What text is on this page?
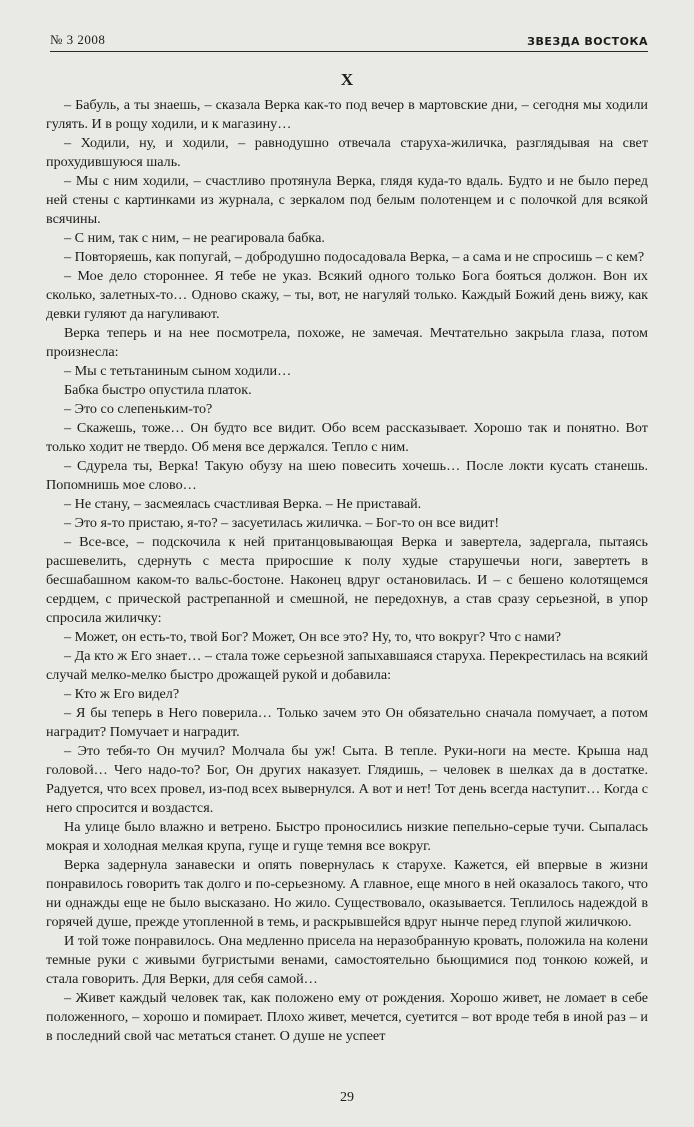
№ 3 2008	ЗВЕЗДА ВОСТОКА
X

– Бабуль, а ты знаешь, – сказала Верка как-то под вечер в мартовские дни, – сегодня мы ходили гулять. И в рощу ходили, и к магазину…

– Ходили, ну, и ходили, – равнодушно отвечала старуха-жиличка, разглядывая на свет прохудившуюся шаль.

– Мы с ним ходили, – счастливо протянула Верка, глядя куда-то вдаль. Будто и не было перед ней стены с картинками из журнала, с зеркалом под белым полотенцем и с полочкой для всякой всячины.

– С ним, так с ним, – не реагировала бабка.

– Повторяешь, как попугай, – добродушно подосадовала Верка, – а сама и не спросишь – с кем?

– Мое дело стороннее. Я тебе не указ. Всякий одного только Бога бояться должон. Вон их сколько, залетных-то… Одново скажу, – ты, вот, не нагуляй только. Каждый Божий день вижу, как девки гуляют да нагуливают.

Верка теперь и на нее посмотрела, похоже, не замечая. Мечтательно закрыла глаза, потом произнесла:

– Мы с тетьтаниным сыном ходили…

Бабка быстро опустила платок.

– Это со слепеньким-то?

– Скажешь, тоже… Он будто все видит. Обо всем рассказывает. Хорошо так и понятно. Вот только ходит не твердо. Об меня все держался. Тепло с ним.

– Сдурела ты, Верка! Такую обузу на шею повесить хочешь… После локти кусать станешь. Попомнишь мое слово…

– Не стану, – засмеялась счастливая Верка. – Не приставай.

– Это я-то пристаю, я-то? – засуетилась жиличка. – Бог-то он все видит!

– Все-все, – подскочила к ней пританцовывающая Верка и завертела, задергала, пытаясь расшевелить, сдернуть с места приросшие к полу худые старушечьи ноги, завертеть в бесшабашном каком-то вальс-бостоне. Наконец вдруг остановилась. И – с бешено колотящемся сердцем, с прической растрепанной и смешной, не передохнув, а став сразу серьезной, в упор спросила жиличку:

– Может, он есть-то, твой Бог? Может, Он все это? Ну, то, что вокруг? Что с нами?

– Да кто ж Его знает… – стала тоже серьезной запыхавшаяся старуха. Перекрестилась на всякий случай мелко-мелко быстро дрожащей рукой и добавила:

– Кто ж Его видел?

– Я бы теперь в Него поверила… Только зачем это Он обязательно сначала помучает, а потом наградит? Помучает и наградит.

– Это тебя-то Он мучил? Молчала бы уж! Сыта. В тепле. Руки-ноги на месте. Крыша над головой… Чего надо-то? Бог, Он других наказует. Глядишь, – человек в шелках да в достатке. Радуется, что всех провел, из-под всех вывернулся. А вот и нет! Тот день всегда наступит… Когда с него спросится и воздастся.

На улице было влажно и ветрено. Быстро проносились низкие пепельно-серые тучи. Сыпалась мокрая и холодная мелкая крупа, гуще и гуще темня все вокруг.

Верка задернула занавески и опять повернулась к старухе. Кажется, ей впервые в жизни понравилось говорить так долго и по-серьезному. А главное, еще много в ней оказалось такого, что ни однажды еще не было высказано. Но жило. Существовало, оказывается. Теплилось надеждой в горячей душе, прежде утопленной в темь, и раскрывшейся вдруг нынче перед глупой жиличкою.

И той тоже понравилось. Она медленно присела на неразобранную кровать, положила на колени темные руки с живыми бугристыми венами, самостоятельно бьющимися под тонкою кожей, и стала говорить. Для Верки, для себя самой…

– Живет каждый человек так, как положено ему от рождения. Хорошо живет, не ломает в себе положенного, – хорошо и помирает. Плохо живет, мечется, суетится – вот вроде тебя в иной раз – и в последний свой час метаться станет. О душе не успеет

29
